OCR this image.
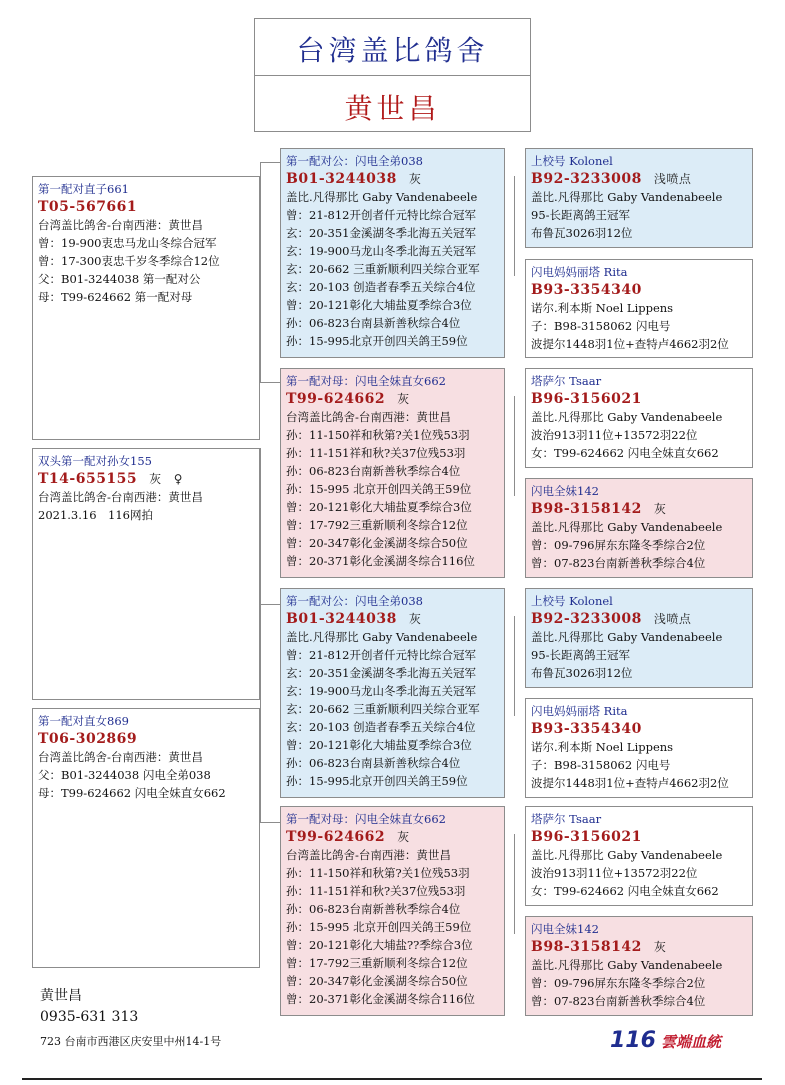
台湾盖比鸽舍
黄世昌
第一配对直子661
T05-567661
台湾盖比鸽舍-台南西港：黄世昌
曾：19-900衷忠马龙山冬综合冠军
曾：17-300衷忠千岁冬季综合12位
父：B01-3244038 第一配对公
母：T99-624662 第一配对母
双头第一配对孙女155
T14-655155 灰 ♀
台湾盖比鸽舍-台南西港：黄世昌
2021.3.16　116网拍
第一配对直女869
T06-302869
台湾盖比鸽舍-台南西港：黄世昌
父：B01-3244038 闪电全弟038
母：T99-624662 闪电全妹直女662
第一配对公：闪电全弟038
B01-3244038 灰
盖比.凡得那比 Gaby Vandenabeele
曾：21-812开创者仟元特比综合冠军
玄：20-351金溪湖冬季北海五关冠军
玄：19-900马龙山冬季北海五关冠军
玄：20-662 三重新顺利四关综合亚军
玄：20-103 创造者春季五关综合4位
曾：20-121彰化大埔盐夏季综合3位
孙：06-823台南县新善秋综合4位
孙：15-995北京开创四关鸽王59位
第一配对母：闪电全妹直女662
T99-624662 灰
台湾盖比鸽舍-台南西港：黄世昌
孙：11-150祥和秋第?关1位残53羽
孙：11-151祥和秋?关37位残53羽
孙：06-823台南新善秋季综合4位
孙：15-995 北京开创四关鸽王59位
曾：20-121彰化大埔盐夏季综合3位
曾：17-792三重新顺利冬综合12位
曾：20-347彰化金溪湖冬综合50位
曾：20-371彰化金溪湖冬综合116位
第一配对公：闪电全弟038
B01-3244038 灰
盖比.凡得那比 Gaby Vandenabeele
曾：21-812开创者仟元特比综合冠军
玄：20-351金溪湖冬季北海五关冠军
玄：19-900马龙山冬季北海五关冠军
玄：20-662 三重新顺利四关综合亚军
玄：20-103 创造者春季五关综合4位
曾：20-121彰化大埔盐夏季综合3位
孙：06-823台南县新善秋综合4位
孙：15-995北京开创四关鸽王59位
第一配对母：闪电全妹直女662
T99-624662 灰
台湾盖比鸽舍-台南西港：黄世昌
孙：11-150祥和秋第?关1位残53羽
孙：11-151祥和秋?关37位残53羽
孙：06-823台南新善秋季综合4位
孙：15-995 北京开创四关鸽王59位
曾：20-121彰化大埔盐??季综合3位
曾：17-792三重新顺利冬综合12位
曾：20-347彰化金溪湖冬综合50位
曾：20-371彰化金溪湖冬综合116位
上校号 Kolonel
B92-3233008 浅喷点
盖比.凡得那比 Gaby Vandenabeele
95-长距离鸽王冠军
布鲁瓦3026羽12位
闪电妈妈丽塔 Rita
B93-3354340
诺尔.利本斯 Noel Lippens
子：B98-3158062 闪电号
波提尔1448羽1位+查特卢4662羽2位
塔萨尔 Tsaar
B96-3156021
盖比.凡得那比 Gaby Vandenabeele
波治913羽11位+13572羽22位
女：T99-624662 闪电全妹直女662
闪电全妹142
B98-3158142 灰
盖比.凡得那比 Gaby Vandenabeele
曾：09-796屏东东隆冬季综合2位
曾：07-823台南新善秋季综合4位
上校号 Kolonel
B92-3233008 浅喷点
盖比.凡得那比 Gaby Vandenabeele
95-长距离鸽王冠军
布鲁瓦3026羽12位
闪电妈妈丽塔 Rita
B93-3354340
诺尔.利本斯 Noel Lippens
子：B98-3158062 闪电号
波提尔1448羽1位+查特卢4662羽2位
塔萨尔 Tsaar
B96-3156021
盖比.凡得那比 Gaby Vandenabeele
波治913羽11位+13572羽22位
女：T99-624662 闪电全妹直女662
闪电全妹142
B98-3158142 灰
盖比.凡得那比 Gaby Vandenabeele
曾：09-796屏东东隆冬季综合2位
曾：07-823台南新善秋季综合4位
黄世昌
0935-631 313
723 台南市西港区庆安里中州14-1号	116 雲端血統
